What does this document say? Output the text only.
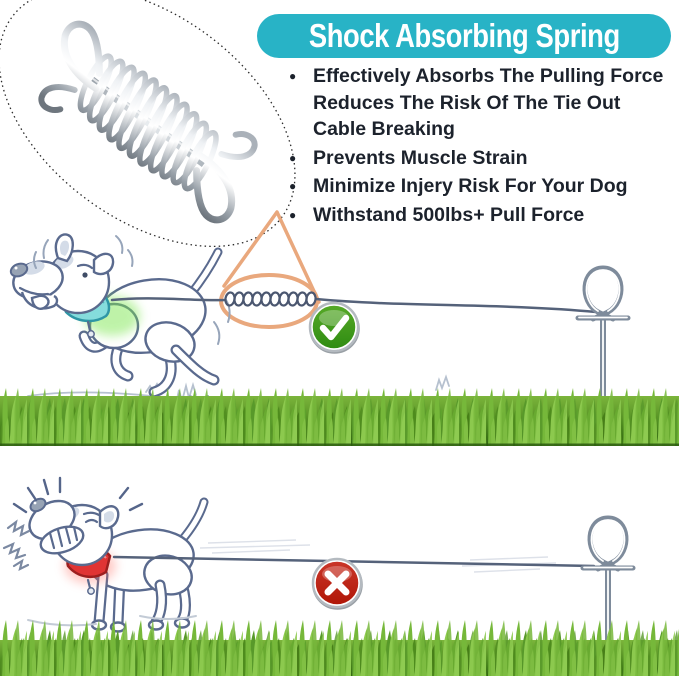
Shock Absorbing Spring
● Effectively Absorbs The Pulling Force Reduces The Risk Of The Tie Out Cable Breaking
● Prevents Muscle Strain
● Minimize Injery Risk For Your Dog
● Withstand 500lbs+ Pull Force
